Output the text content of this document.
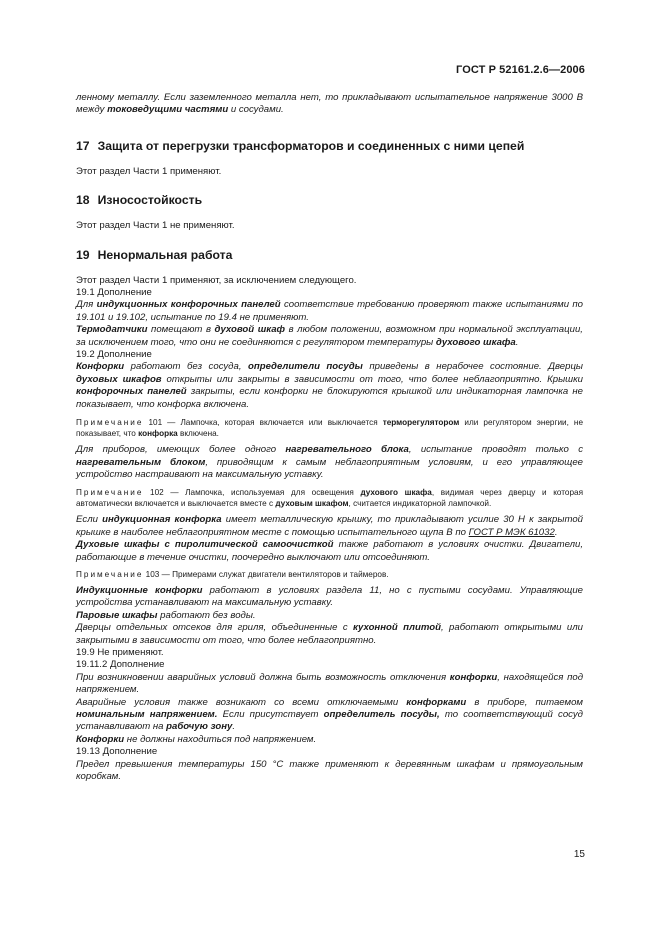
ГОСТ Р 52161.2.6—2006

ленному металлу. Если заземленного металла нет, то прикладывают испытательное напряжение 3000 В между токоведущими частями и сосудами.

17 Защита от перегрузки трансформаторов и соединенных с ними цепей

Этот раздел Части 1 применяют.

18 Износостойкость

Этот раздел Части 1 не применяют.

19 Ненормальная работа

Этот раздел Части 1 применяют, за исключением следующего.

19.1 Дополнение

Для индукционных конфорочных панелей соответствие требованию проверяют также испытаниями по 19.101 и 19.102, испытание по 19.4 не применяют.

Термодатчики помещают в духовой шкаф в любом положении, возможном при нормальной эксплуатации, за исключением того, что они не соединяются с регулятором температуры духового шкафа.

19.2 Дополнение

Конфорки работают без сосуда, определители посуды приведены в нерабочее состояние. Дверцы духовых шкафов открыты или закрыты в зависимости от того, что более неблагоприятно. Крышки конфорочных панелей закрыты, если конфорки не блокируются крышкой или индикаторная лампочка не показывает, что конфорка включена.

Примечание 101 — Лампочка, которая включается или выключается терморегулятором или регулятором энергии, не показывает, что конфорка включена.

Для приборов, имеющих более одного нагревательного блока, испытание проводят только с нагревательным блоком, приводящим к самым неблагоприятным условиям, и его управляющее устройство настраивают на максимальную уставку.

Примечание 102 — Лампочка, используемая для освещения духового шкафа, видимая через дверцу и которая автоматически включается и выключается вместе с духовым шкафом, считается индикаторной лампочкой.

Если индукционная конфорка имеет металлическую крышку, то прикладывают усилие 30 Н к закрытой крышке в наиболее неблагоприятном месте с помощью испытательного щупа В по ГОСТ Р МЭК 61032.

Духовые шкафы с пиролитической самоочисткой также работают в условиях очистки. Двигатели, работающие в течение очистки, поочередно выключают или отсоединяют.

Примечание 103 — Примерами служат двигатели вентиляторов и таймеров.

Индукционные конфорки работают в условиях раздела 11, но с пустыми сосудами. Управляющие устройства устанавливают на максимальную уставку.

Паровые шкафы работают без воды.

Дверцы отдельных отсеков для гриля, объединенные с кухонной плитой, работают открытыми или закрытыми в зависимости от того, что более неблагоприятно.

19.9 Не применяют.

19.11.2 Дополнение

При возникновении аварийных условий должна быть возможность отключения конфорки, находящейся под напряжением.

Аварийные условия также возникают со всеми отключаемыми конфорками в приборе, питаемом номинальным напряжением. Если присутствует определитель посуды, то соответствующий сосуд устанавливают на рабочую зону.

Конфорки не должны находиться под напряжением.

19.13 Дополнение

Предел превышения температуры 150 °С также применяют к деревянным шкафам и прямоугольным коробкам.

15
